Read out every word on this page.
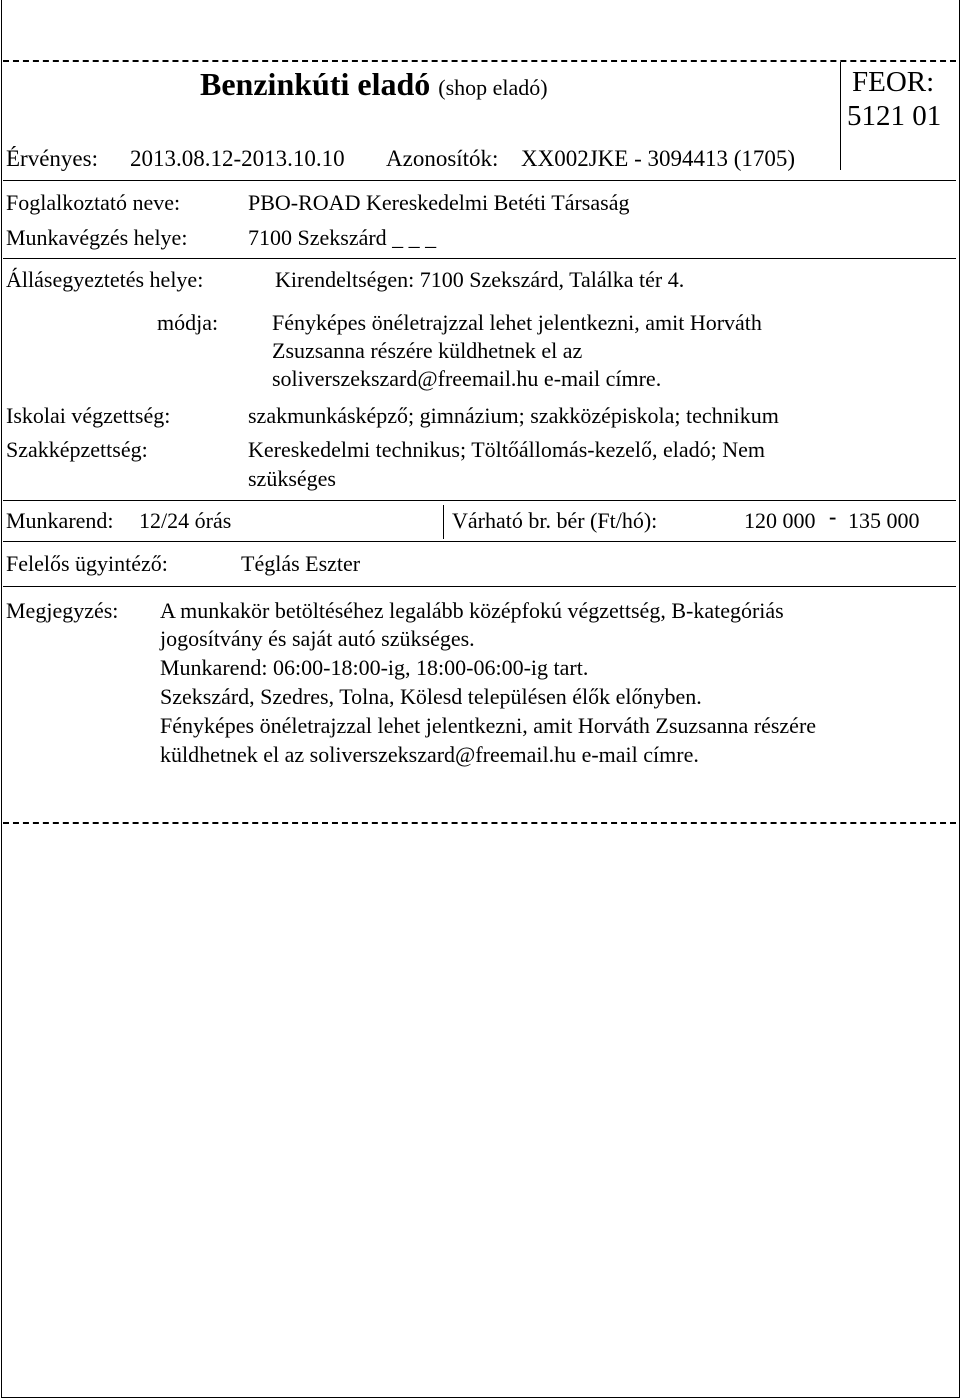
Benzinkúti eladó (shop eladó)	FEOR:
5121 01
Érvényes: 2013.08.12-2013.10.10 Azonosítók: XX002JKE - 3094413 (1705)
Foglalkoztató neve:	PBO-ROAD Kereskedelmi Betéti Társaság
Munkavégzés helye:	7100 Szekszárd _ _ _
Állásegyeztetés helye:	Kirendeltségen: 7100 Szekszárd, Találka tér 4.
módja: Fényképes önéletrajzzal lehet jelentkezni, amit Horváth
Zsuzsanna részére küldhetnek el az
soliverszekszard@freemail.hu e-mail címre.
Iskolai végzettség:	szakmunkásképző; gimnázium; szakközépiskola; technikum
Szakképzettség:	Kereskedelmi technikus; Töltőállomás-kezelő, eladó; Nem
szükséges
Munkarend: 12/24 órás	Várható br. bér (Ft/hó):	120 000 - 135 000
Felelős ügyintéző:	Téglás Eszter
Megjegyzés: A munkakör betöltéséhez legalább középfokú végzettség, B-kategóriás
jogosítvány és saját autó szükséges.
Munkarend: 06:00-18:00-ig, 18:00-06:00-ig tart.
Szekszárd, Szedres, Tolna, Kölesd településen élők előnyben.
Fényképes önéletrajzzal lehet jelentkezni, amit Horváth Zsuzsanna részére
küldhetnek el az soliverszekszard@freemail.hu e-mail címre.
